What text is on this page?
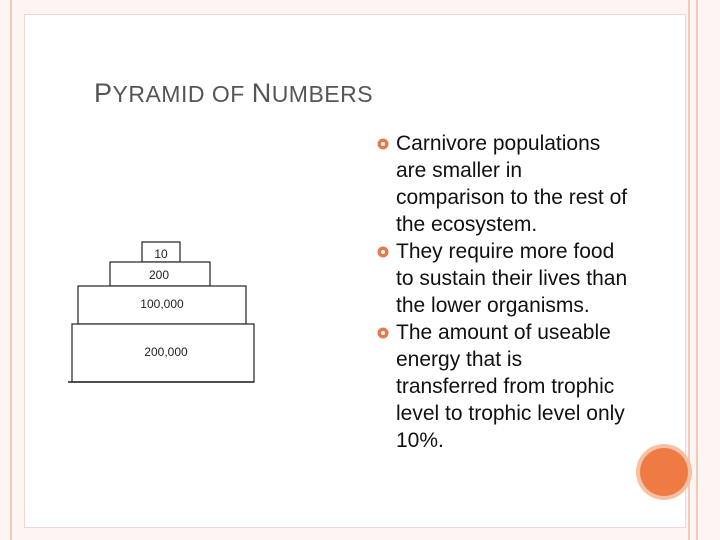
PYRAMID OF NUMBERS
10
200
100,000
200,000
Carnivore populations
are smaller in
comparison to the rest of
the ecosystem.
They require more food
to sustain their lives than
the lower organisms.
The amount of useable
energy that is
transferred from trophic
level to trophic level only
10%.
